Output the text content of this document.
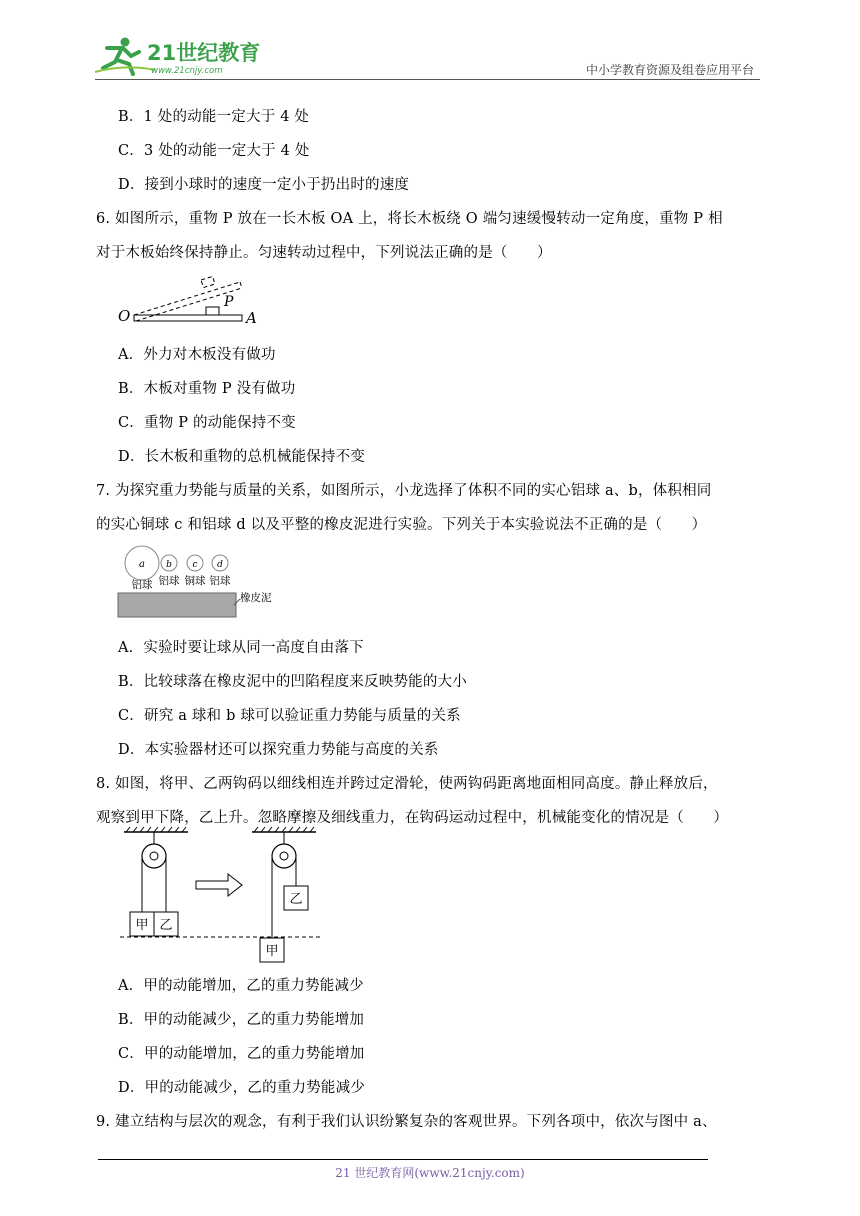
21世纪教育
www.21cnjy.com	中小学教育资源及组卷应用平台
B．1 处的动能一定大于 4 处
C．3 处的动能一定大于 4 处
D．接到小球时的速度一定小于扔出时的速度
6. 如图所示，重物 P 放在一长木板 OA 上，将长木板绕 O 端匀速缓慢转动一定角度，重物 P 相
对于木板始终保持静止。匀速转动过程中，下列说法正确的是（　　）
O
P
A
A．外力对木板没有做功
B．木板对重物 P 没有做功
C．重物 P 的动能保持不变
D．长木板和重物的总机械能保持不变
7. 为探究重力势能与质量的关系，如图所示，小龙选择了体积不同的实心铝球 a、b，体积相同
的实心铜球 c 和铝球 d 以及平整的橡皮泥进行实验。下列关于本实验说法不正确的是（　　）
a b c d
铝球 铝球 铜球 铝球
橡皮泥
A．实验时要让球从同一高度自由落下
B．比较球落在橡皮泥中的凹陷程度来反映势能的大小
C．研究 a 球和 b 球可以验证重力势能与质量的关系
D．本实验器材还可以探究重力势能与高度的关系
8. 如图，将甲、乙两钩码以细线相连并跨过定滑轮，使两钩码距离地面相同高度。静止释放后，
观察到甲下降，乙上升。忽略摩擦及细线重力，在钩码运动过程中，机械能变化的情况是（　　）
甲 乙
乙
甲
A．甲的动能增加，乙的重力势能减少
B．甲的动能减少，乙的重力势能增加
C．甲的动能增加，乙的重力势能增加
D．甲的动能减少，乙的重力势能减少
9. 建立结构与层次的观念，有利于我们认识纷繁复杂的客观世界。下列各项中，依次与图中 a、
21 世纪教育网(www.21cnjy.com)
